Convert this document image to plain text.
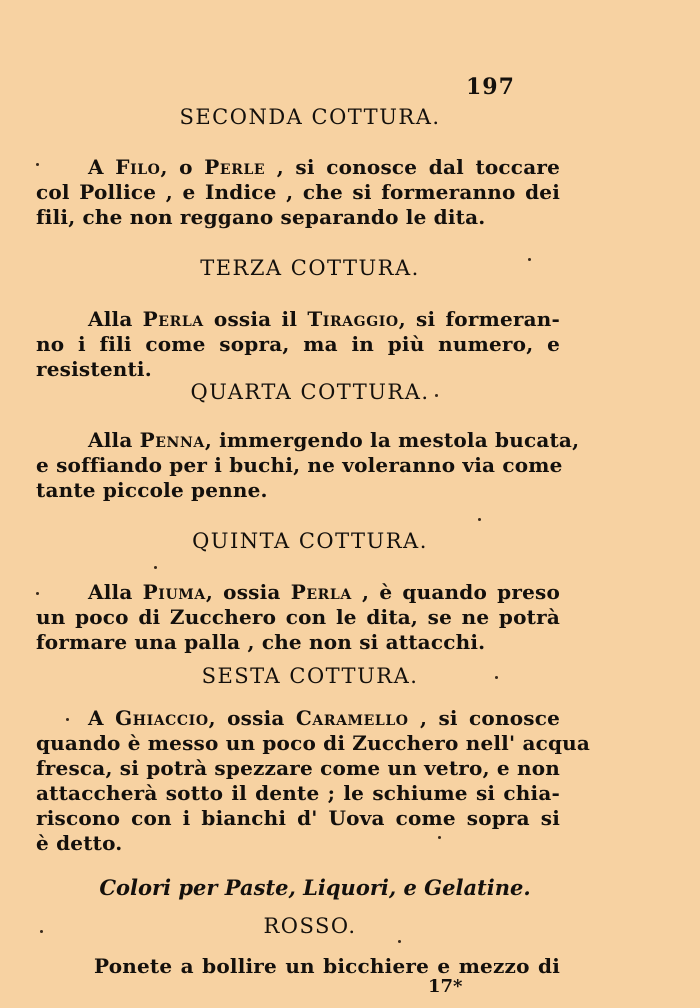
197
SECONDA COTTURA.
A Filo, o Perle , si conosce dal toccare
col Pollice , e Indice , che si formeranno dei
fili, che non reggano separando le dita.
TERZA COTTURA.
Alla Perla ossia il Tiraggio, si formeran-
no i fili come sopra, ma in più numero, e
resistenti.
QUARTA COTTURA.
Alla Penna, immergendo la mestola bucata,
e soffiando per i buchi, ne voleranno via come
tante piccole penne.
QUINTA COTTURA.
Alla Piuma, ossia Perla , è quando preso
un poco di Zucchero con le dita, se ne potrà
formare una palla , che non si attacchi.
SESTA COTTURA.
A Ghiaccio, ossia Caramello , si conosce
quando è messo un poco di Zucchero nell' acqua
fresca, si potrà spezzare come un vetro, e non
attaccherà sotto il dente ; le schiume si chia-
riscono con i bianchi d' Uova come sopra si
è detto.
Colori per Paste, Liquori, e Gelatine.
ROSSO.
Ponete a bollire un bicchiere e mezzo di
17*
